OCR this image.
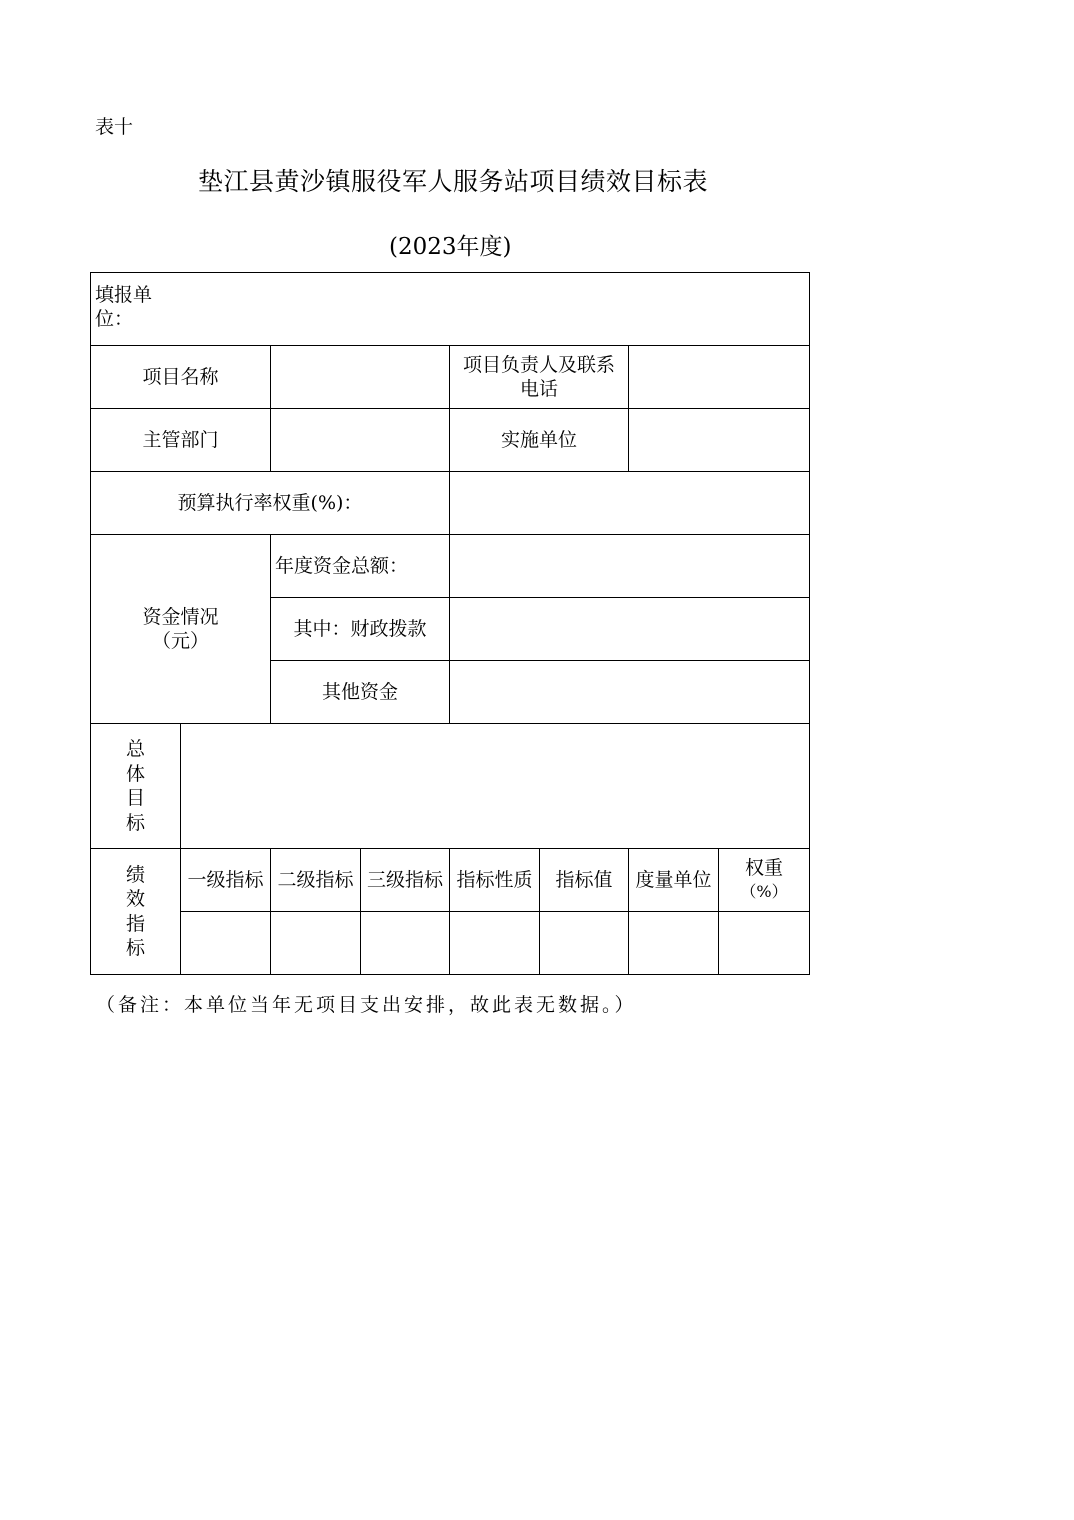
表十
垫江县黄沙镇服役军人服务站项目绩效目标表
(2023年度)
填报单位：							

项目名称				项目负责人及联系电话			

主管部门				实施单位			
预算执行率权重(%)：							

资金情况
（元）		年度资金总额：					
		其中：财政拨款					
		其他资金					

总体目标							

绩效指标	一级指标	二级指标	三级指标	指标性质	指标值	度量单位	权重
（%）

（备注：本单位当年无项目支出安排，故此表无数据。）
